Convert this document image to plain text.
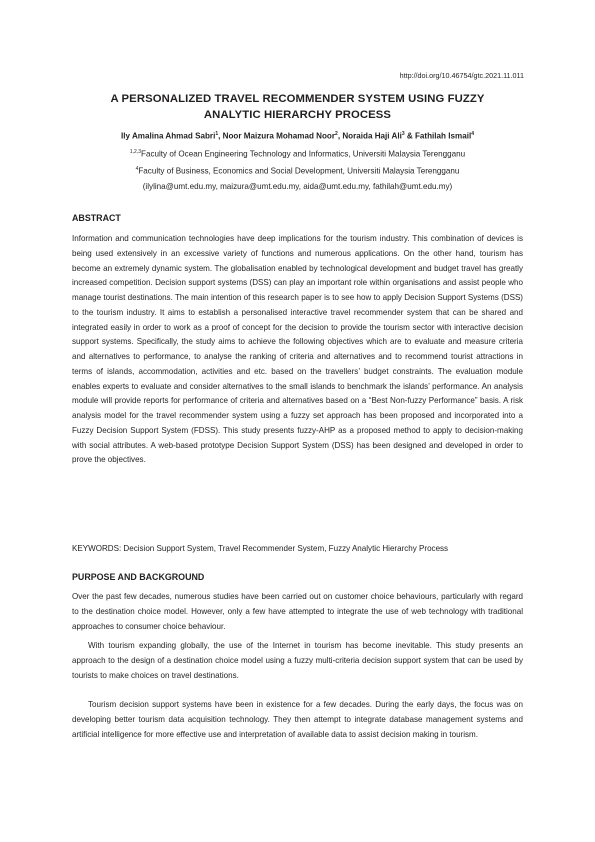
http://doi.org/10.46754/gtc.2021.11.011
A PERSONALIZED TRAVEL RECOMMENDER SYSTEM USING FUZZY
ANALYTIC HIERARCHY PROCESS
Ily Amalina Ahmad Sabri$^1$, Noor Maizura Mohamad Noor$^2$, Noraida Haji Ali$^3$ & Fathilah Ismail$^4$
$^{1,2,3}$Faculty of Ocean Engineering Technology and Informatics, Universiti Malaysia Terengganu
$^4$Faculty of Business, Economics and Social Development, Universiti Malaysia Terengganu
(ilylina@umt.edu.my, maizura@umt.edu.my, aida@umt.edu.my, fathilah@umt.edu.my)
ABSTRACT
Information and communication technologies have deep implications for the tourism industry. This combination of devices is being used extensively in an excessive variety of functions and numerous applications. On the other hand, tourism has become an extremely dynamic system. The globalisation enabled by technological development and budget travel has greatly increased competition. Decision support systems (DSS) can play an important role within organisations and assist people who manage tourist destinations. The main intention of this research paper is to see how to apply Decision Support Systems (DSS) to the tourism industry. It aims to establish a personalised interactive travel recommender system that can be shared and integrated easily in order to work as a proof of concept for the decision to provide the tourism sector with interactive decision support systems. Specifically, the study aims to achieve the following objectives which are to evaluate and measure criteria and alternatives to performance, to analyse the ranking of criteria and alternatives and to recommend tourist attractions in terms of islands, accommodation, activities and etc. based on the travellers’ budget constraints. The evaluation module enables experts to evaluate and consider alternatives to the small islands to benchmark the islands’ performance. An analysis module will provide reports for performance of criteria and alternatives based on a “Best Non-fuzzy Performance” basis. A risk analysis model for the travel recommender system using a fuzzy set approach has been proposed and incorporated into a Fuzzy Decision Support System (FDSS). This study presents fuzzy-AHP as a proposed method to apply to decision-making with social attributes. A web-based prototype Decision Support System (DSS) has been designed and developed in order to prove the objectives.
KEYWORDS: Decision Support System, Travel Recommender System, Fuzzy Analytic Hierarchy Process
PURPOSE AND BACKGROUND
Over the past few decades, numerous studies have been carried out on customer choice behaviours, particularly with regard to the destination choice model. However, only a few have attempted to integrate the use of web technology with traditional approaches to consumer choice behaviour.
With tourism expanding globally, the use of the Internet in tourism has become inevitable. This study presents an approach to the design of a destination choice model using a fuzzy multi-criteria decision support system that can be used by tourists to make choices on travel destinations.
Tourism decision support systems have been in existence for a few decades. During the early days, the focus was on developing better tourism data acquisition technology. They then attempt to integrate database management systems and artificial intelligence for more effective use and interpretation of available data to assist decision making in tourism.
